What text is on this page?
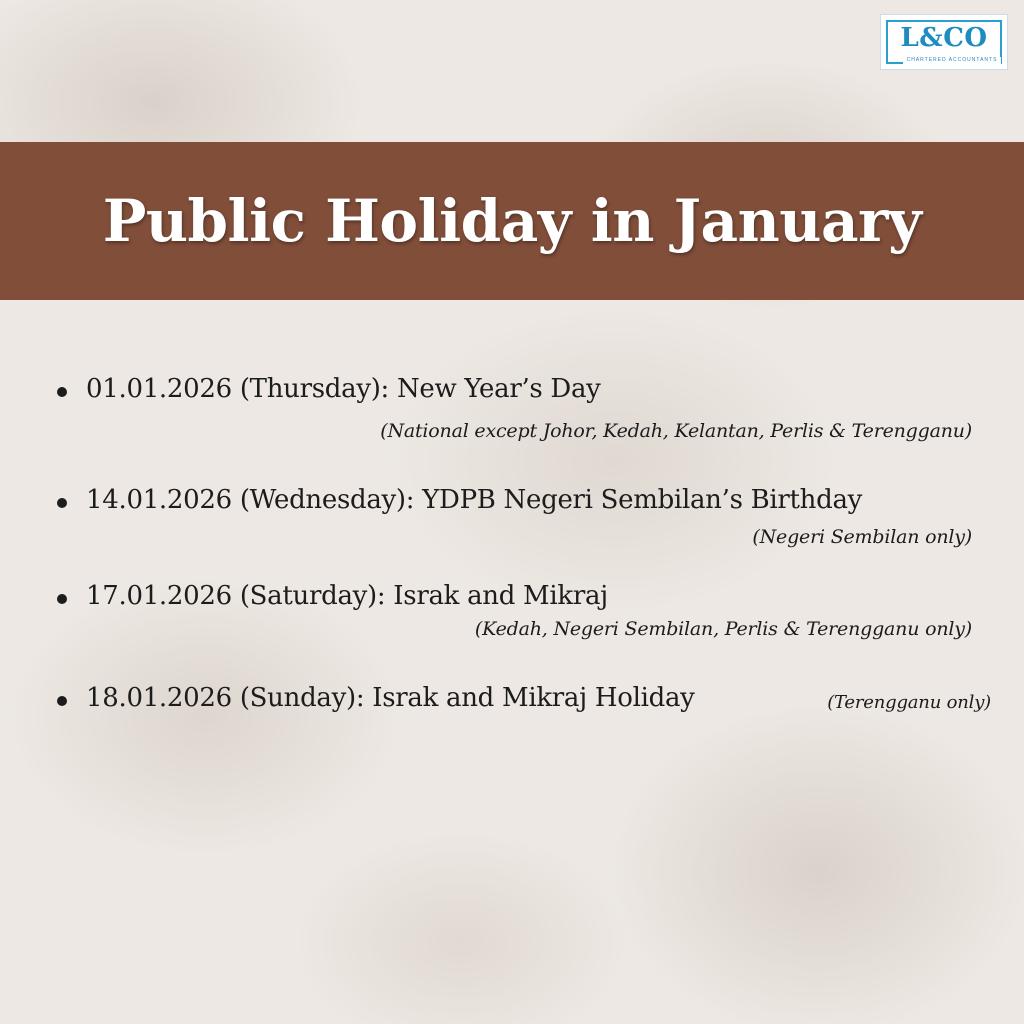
L&CO
CHARTERED ACCOUNTANTS
Public Holiday in January
01.01.2026 (Thursday): New Year’s Day
(National except Johor, Kedah, Kelantan, Perlis & Terengganu)
14.01.2026 (Wednesday): YDPB Negeri Sembilan’s Birthday
(Negeri Sembilan only)
17.01.2026 (Saturday): Israk and Mikraj
(Kedah, Negeri Sembilan, Perlis & Terengganu only)
18.01.2026 (Sunday): Israk and Mikraj Holiday	(Terengganu only)
